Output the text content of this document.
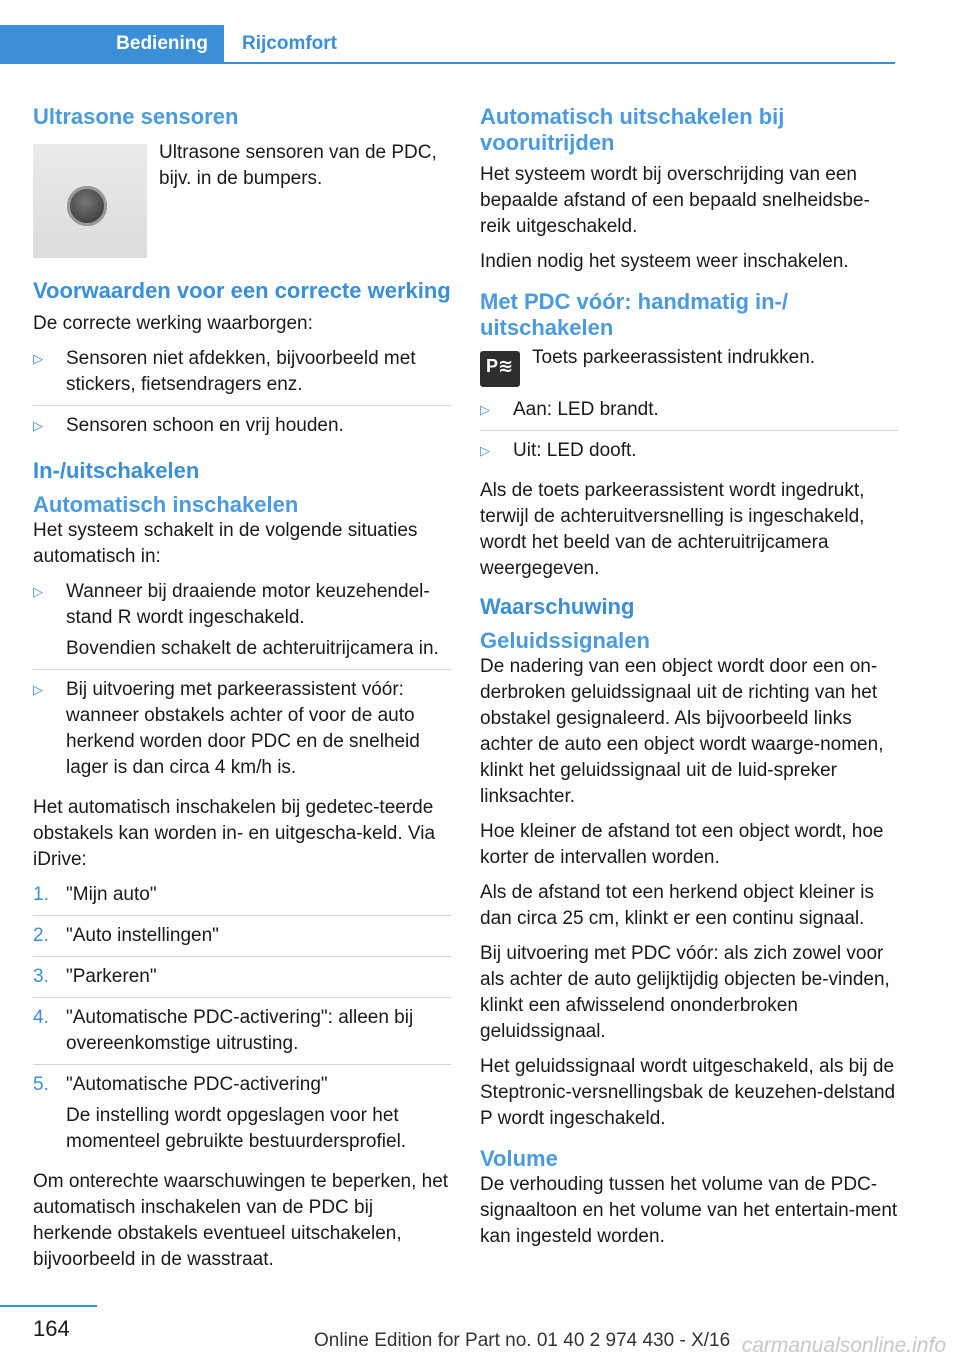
Bediening	Rijcomfort
Ultrasone sensoren
Ultrasone sensoren van de PDC, bijv. in de bumpers.
Voorwaarden voor een correcte werking

De correcte werking waarborgen:

▷ Sensoren niet afdekken, bijvoorbeeld met stickers, fietsendragers enz.
▷ Sensoren schoon en vrij houden.
In-/uitschakelen
Automatisch inschakelen

Het systeem schakelt in de volgende situaties automatisch in:

▷ Wanneer bij draaiende motor keuzehendel-stand R wordt ingeschakeld.
Bovendien schakelt de achteruitrijcamera in.
▷ Bij uitvoering met parkeerassistent vóór: wanneer obstakels achter of voor de auto herkend worden door PDC en de snelheid lager is dan circa 4 km/h is.

Het automatisch inschakelen bij gedetec-teerde obstakels kan worden in- en uitgescha-keld. Via iDrive:

1. "Mijn auto"
2. "Auto instellingen"
3. "Parkeren"
4. "Automatische PDC-activering": alleen bij overeenkomstige uitrusting.
5. "Automatische PDC-activering"
De instelling wordt opgeslagen voor het momenteel gebruikte bestuurdersprofiel.

Om onterechte waarschuwingen te beperken, het automatisch inschakelen van de PDC bij herkende obstakels eventueel uitschakelen, bijvoorbeeld in de wasstraat.

Automatisch uitschakelen bij vooruitrijden

Het systeem wordt bij overschrijding van een bepaalde afstand of een bepaald snelheidsbe-reik uitgeschakeld.

Indien nodig het systeem weer inschakelen.

Met PDC vóór: handmatig in-/ uitschakelen
P≋ Toets parkeerassistent indrukken.
▷ Aan: LED brandt.
▷ Uit: LED dooft.

Als de toets parkeerassistent wordt ingedrukt, terwijl de achteruitversnelling is ingeschakeld, wordt het beeld van de achteruitrijcamera weergegeven.

Waarschuwing
Geluidssignalen

De nadering van een object wordt door een on-derbroken geluidssignaal uit de richting van het obstakel gesignaleerd. Als bijvoorbeeld links achter de auto een object wordt waarge-nomen, klinkt het geluidssignaal uit de luid-spreker linksachter.

Hoe kleiner de afstand tot een object wordt, hoe korter de intervallen worden.

Als de afstand tot een herkend object kleiner is dan circa 25 cm, klinkt er een continu signaal.

Bij uitvoering met PDC vóór: als zich zowel voor als achter de auto gelijktijdig objecten be-vinden, klinkt een afwisselend ononderbroken geluidssignaal.

Het geluidssignaal wordt uitgeschakeld, als bij de Steptronic-versnellingsbak de keuzehen-delstand P wordt ingeschakeld.

Volume

De verhouding tussen het volume van de PDC-signaaltoon en het volume van het entertain-ment kan ingesteld worden.

164	Online Edition for Part no. 01 40 2 974 430 - X/16 carmanualsonline.info
